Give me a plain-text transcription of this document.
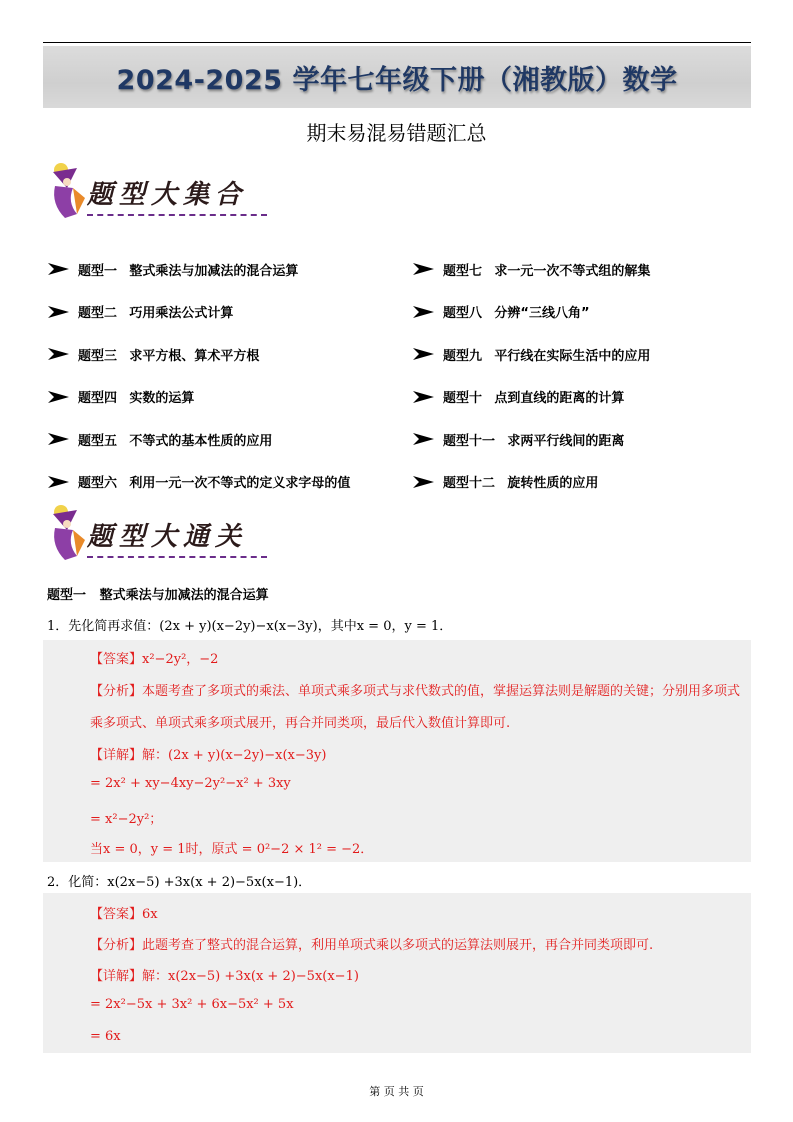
2024-2025 学年七年级下册（湘教版）数学
期末易混易错题汇总
题型大集合
题型一
整式乘法与加减法的混合运算
题型二
巧用乘法公式计算
题型三
求平方根、算术平方根
题型四
实数的运算
题型五
不等式的基本性质的应用
题型六
利用一元一次不等式的定义求字母的值
题型七
求一元一次不等式组的解集
题型八
分辨“三线八角”
题型九
平行线在实际生活中的应用
题型十
点到直线的距离的计算
题型十一
求两平行线间的距离
题型十二
旋转性质的应用
题型大通关
题型一 整式乘法与加减法的混合运算
1．先化简再求值：(2x + y)(x−2y)−x(x−3y)，其中x = 0，y = 1．
【答案】x²−2y²，−2
【分析】本题考查了多项式的乘法、单项式乘多项式与求代数式的值，掌握运算法则是解题的关键；分别用多项式
乘多项式、单项式乘多项式展开，再合并同类项，最后代入数值计算即可.
【详解】解：(2x + y)(x−2y)−x(x−3y)
= 2x² + xy−4xy−2y²−x² + 3xy
= x²−2y²；
当x = 0，y = 1时，原式 = 0²−2 × 1² = −2．
2．化简：x(2x−5) +3x(x + 2)−5x(x−1)．
【答案】6x
【分析】此题考查了整式的混合运算，利用单项式乘以多项式的运算法则展开，再合并同类项即可.
【详解】解：x(2x−5) +3x(x + 2)−5x(x−1)
= 2x²−5x + 3x² + 6x−5x² + 5x
= 6x
第 页 共 页
